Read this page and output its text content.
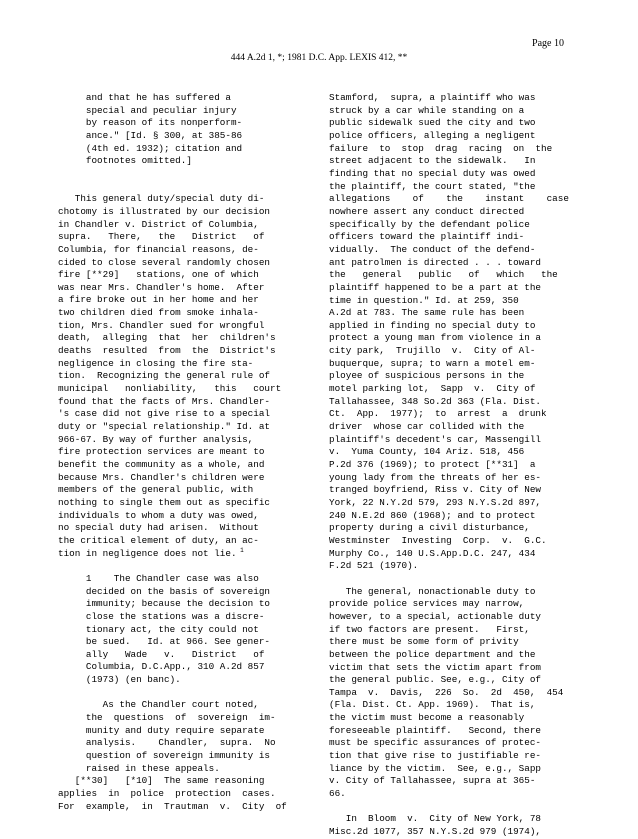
Page 10
444 A.2d 1, *; 1981 D.C. App. LEXIS 412, **

and that he has suffered a

special and peculiar injury

by reason of its nonperform-

ance." [Id. § 300, at 385-86

(4th ed. 1932); citation and

footnotes omitted.]

This general duty/special duty di-

chotomy is illustrated by our decision

in Chandler v. District of Columbia,

supra.   There,   the   District   of

Columbia, for financial reasons, de-

cided to close several randomly chosen

fire [**29]   stations, one of which

was near Mrs. Chandler's home.  After

a fire broke out in her home and her

two children died from smoke inhala-

tion, Mrs. Chandler sued for wrongful

death,  alleging  that  her  children's

deaths  resulted  from  the  District's

negligence in closing the fire sta-

tion.  Recognizing the general rule of

municipal   nonliability,   this   court

found that the facts of Mrs. Chandler-

's case did not give rise to a special

duty or "special relationship." Id. at

966-67. By way of further analysis,

fire protection services are meant to

benefit the community as a whole, and

because Mrs. Chandler's children were

members of the general public, with

nothing to single them out as specific

individuals to whom a duty was owed,

no special duty had arisen.  Without

the critical element of duty, an ac-

tion in negligence does not lie. $^1$

1    The Chandler case was also

decided on the basis of sovereign

immunity; because the decision to

close the stations was a discre-

tionary act, the city could not

be sued.   Id. at 966. See gener-

ally   Wade   v.   District   of

Columbia, D.C.App., 310 A.2d 857

(1973) (en banc).

As the Chandler court noted,

the  questions  of  sovereign  im-

munity and duty require separate

analysis.    Chandler,  supra.  No

question of sovereign immunity is

raised in these appeals.

[**30]   [*10]  The same reasoning

applies  in  police  protection  cases.

For  example,  in  Trautman  v.  City  of

Stamford,  supra, a plaintiff who was

struck by a car while standing on a

public sidewalk sued the city and two

police officers, alleging a negligent

failure  to  stop  drag  racing  on  the

street adjacent to the sidewalk.   In

finding that no special duty was owed

the plaintiff, the court stated, "the

allegations    of    the    instant    case

nowhere assert any conduct directed

specifically by the defendant police

officers toward the plaintiff indi-

vidually.  The conduct of the defend-

ant patrolmen is directed . . . toward

the   general   public   of   which   the

plaintiff happened to be a part at the

time in question." Id. at 259, 350

A.2d at 783. The same rule has been

applied in finding no special duty to

protect a young man from violence in a

city park,  Trujillo  v.  City of Al-

buquerque, supra; to warn a motel em-

ployee of suspicious persons in the

motel parking lot,  Sapp  v.  City of

Tallahassee, 348 So.2d 363 (Fla. Dist.

Ct.  App.  1977);  to  arrest  a  drunk

driver  whose car collided with the

plaintiff's decedent's car, Massengill

v.  Yuma County, 104 Ariz. 518, 456

P.2d 376 (1969); to protect [**31]  a

young lady from the threats of her es-

tranged boyfriend, Riss v. City of New

York, 22 N.Y.2d 579, 293 N.Y.S.2d 897,

240 N.E.2d 860 (1968); and to protect

property during a civil disturbance,

Westminster  Investing  Corp.  v.  G.C.

Murphy Co., 140 U.S.App.D.C. 247, 434

F.2d 521 (1970).

The general, nonactionable duty to

provide police services may narrow,

however, to a special, actionable duty

if two factors are present.   First,

there must be some form of privity

between the police department and the

victim that sets the victim apart from

the general public. See, e.g., City of

Tampa  v.  Davis,  226  So.  2d  450,  454

(Fla. Dist. Ct. App. 1969).  That is,

the victim must become a reasonably

foreseeable plaintiff.   Second, there

must be specific assurances of protec-

tion that give rise to justifiable re-

liance by the victim.  See, e.g., Sapp

v. City of Tallahassee, supra at 365-

66.

In  Bloom  v.  City of New York, 78

Misc.2d 1077, 357 N.Y.S.2d 979 (1974),
